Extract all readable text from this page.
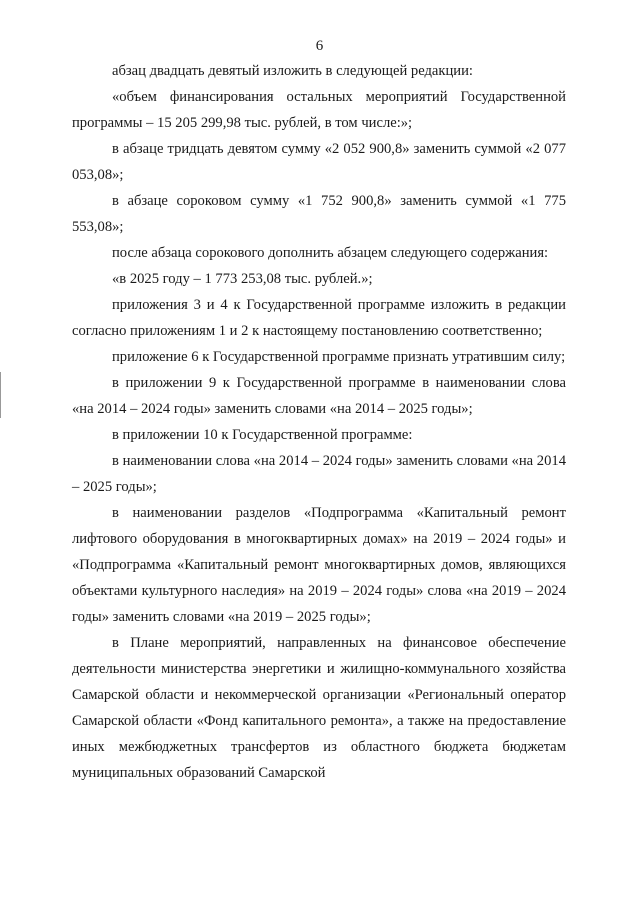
6

абзац двадцать девятый изложить в следующей редакции:

«объем финансирования остальных мероприятий Государственной программы – 15 205 299,98 тыс. рублей, в том числе:»;

в абзаце тридцать девятом сумму «2 052 900,8» заменить суммой «2 077 053,08»;

в абзаце сороковом сумму «1 752 900,8» заменить суммой «1 775 553,08»;

после абзаца сорокового дополнить абзацем следующего содержания:

«в 2025 году – 1 773 253,08 тыс. рублей.»;

приложения 3 и 4 к Государственной программе изложить в редакции согласно приложениям 1 и 2 к настоящему постановлению соответственно;

приложение 6 к Государственной программе признать утратившим силу;

в приложении 9 к Государственной программе в наименовании слова «на 2014 – 2024 годы» заменить словами «на 2014 – 2025 годы»;

в приложении 10 к Государственной программе:

в наименовании слова «на 2014 – 2024 годы» заменить словами «на 2014 – 2025 годы»;

в наименовании разделов «Подпрограмма «Капитальный ремонт лифтового оборудования в многоквартирных домах» на 2019 – 2024 годы» и «Подпрограмма «Капитальный ремонт многоквартирных домов, являющихся объектами культурного наследия» на 2019 – 2024 годы» слова «на 2019 – 2024 годы» заменить словами «на 2019 – 2025 годы»;

в Плане мероприятий, направленных на финансовое обеспечение деятельности министерства энергетики и жилищно-коммунального хозяйства Самарской области и некоммерческой организации «Региональный оператор Самарской области «Фонд капитального ремонта», а также на предоставление иных межбюджетных трансфертов из областного бюджета бюджетам муниципальных образований Самарской
